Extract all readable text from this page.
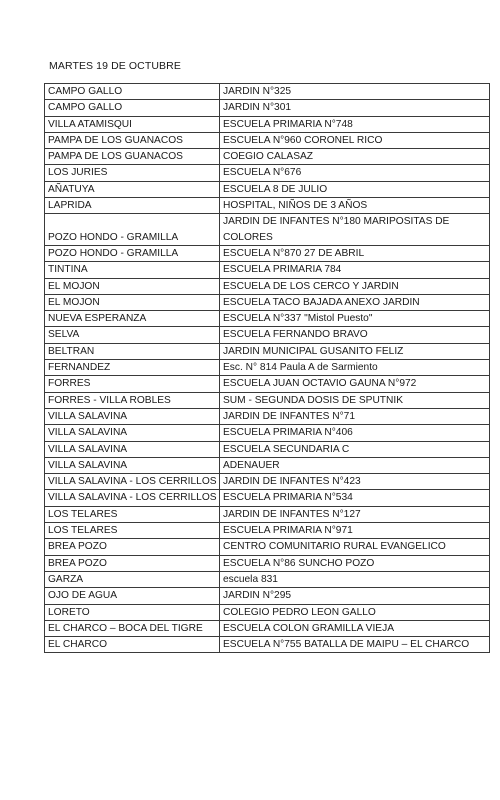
MARTES 19 DE OCTUBRE
CAMPO GALLO	JARDIN N°325
CAMPO GALLO	JARDIN N°301
VILLA ATAMISQUI	ESCUELA PRIMARIA N°748
PAMPA DE LOS GUANACOS	ESCUELA N°960 CORONEL RICO
PAMPA DE LOS GUANACOS	COEGIO CALASAZ
LOS JURIES	ESCUELA N°676
AÑATUYA	ESCUELA 8 DE JULIO
LAPRIDA	HOSPITAL, NIÑOS DE 3 AÑOS
POZO HONDO - GRAMILLA	JARDIN DE INFANTES N°180 MARIPOSITAS DE COLORES
POZO HONDO - GRAMILLA	ESCUELA N°870 27 DE ABRIL
TINTINA	ESCUELA PRIMARIA 784
EL MOJON	ESCUELA DE LOS CERCO Y JARDIN
EL MOJON	ESCUELA TACO BAJADA ANEXO JARDIN
NUEVA ESPERANZA	ESCUELA N°337 "Mistol Puesto"
SELVA	ESCUELA FERNANDO BRAVO
BELTRAN	JARDIN MUNICIPAL GUSANITO FELIZ
FERNANDEZ	Esc. N° 814 Paula A de Sarmiento
FORRES	ESCUELA JUAN OCTAVIO GAUNA N°972
FORRES - VILLA ROBLES	SUM - SEGUNDA DOSIS DE SPUTNIK
VILLA SALAVINA	JARDIN DE INFANTES N°71
VILLA SALAVINA	ESCUELA PRIMARIA N°406
VILLA SALAVINA	ESCUELA SECUNDARIA C
VILLA SALAVINA	ADENAUER
VILLA SALAVINA - LOS CERRILLOS	JARDIN DE INFANTES N°423
VILLA SALAVINA - LOS CERRILLOS	ESCUELA PRIMARIA N°534
LOS TELARES	JARDIN DE INFANTES N°127
LOS TELARES	ESCUELA PRIMARIA N°971
BREA POZO	CENTRO COMUNITARIO RURAL EVANGELICO
BREA POZO	ESCUELA N°86 SUNCHO POZO
GARZA	escuela 831
OJO DE AGUA	JARDIN N°295
LORETO	COLEGIO PEDRO LEON GALLO
EL CHARCO – BOCA DEL TIGRE	ESCUELA COLON GRAMILLA VIEJA
EL CHARCO	ESCUELA N°755 BATALLA DE MAIPU – EL CHARCO
